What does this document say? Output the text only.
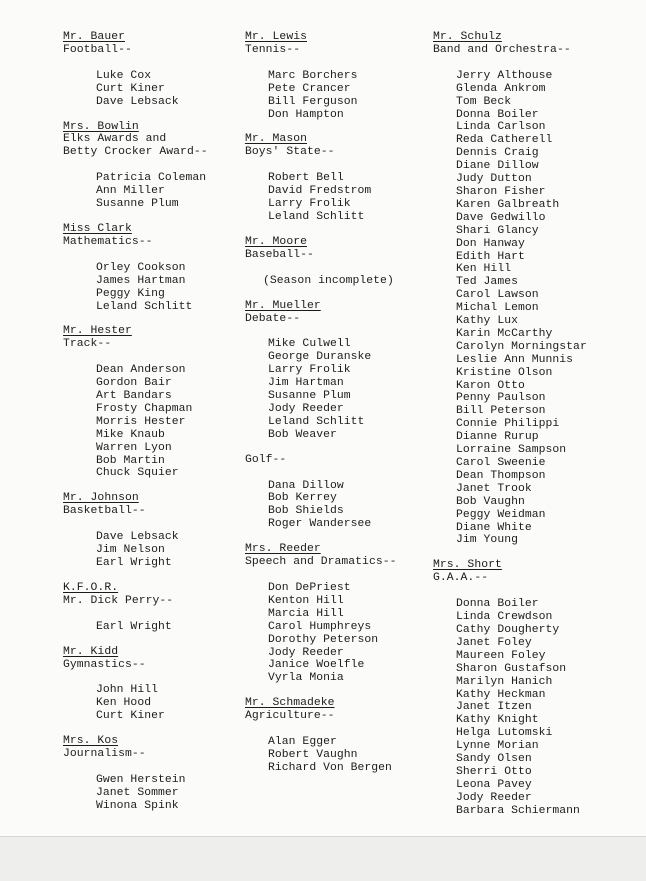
Mr. Bauer
Football--
Luke Cox
Curt Kiner
Dave Lebsack
Mrs. Bowlin
Elks Awards and
Betty Crocker Award--
Patricia Coleman
Ann Miller
Susanne Plum
Miss Clark
Mathematics--
Orley Cookson
James Hartman
Peggy King
Leland Schlitt
Mr. Hester
Track--
Dean Anderson
Gordon Bair
Art Bandars
Frosty Chapman
Morris Hester
Mike Knaub
Warren Lyon
Bob Martin
Chuck Squier
Mr. Johnson
Basketball--
Dave Lebsack
Jim Nelson
Earl Wright
K.F.O.R.
Mr. Dick Perry--
Earl Wright
Mr. Kidd
Gymnastics--
John Hill
Ken Hood
Curt Kiner
Mrs. Kos
Journalism--
Gwen Herstein
Janet Sommer
Winona Spink
Mr. Lewis
Tennis--
Marc Borchers
Pete Crancer
Bill Ferguson
Don Hampton
Mr. Mason
Boys' State--
Robert Bell
David Fredstrom
Larry Frolik
Leland Schlitt
Mr. Moore
Baseball--
(Season incomplete)
Mr. Mueller
Debate--
Mike Culwell
George Duranske
Larry Frolik
Jim Hartman
Susanne Plum
Jody Reeder
Leland Schlitt
Bob Weaver
Golf--
Dana Dillow
Bob Kerrey
Bob Shields
Roger Wandersee
Mrs. Reeder
Speech and Dramatics--
Don DePriest
Kenton Hill
Marcia Hill
Carol Humphreys
Dorothy Peterson
Jody Reeder
Janice Woelfle
Vyrla Monia
Mr. Schmadeke
Agriculture--
Alan Egger
Robert Vaughn
Richard Von Bergen
Mr. Schulz
Band and Orchestra--
Jerry Althouse
Glenda Ankrom
Tom Beck
Donna Boiler
Linda Carlson
Reda Catherell
Dennis Craig
Diane Dillow
Judy Dutton
Sharon Fisher
Karen Galbreath
Dave Gedwillo
Shari Glancy
Don Hanway
Edith Hart
Ken Hill
Ted James
Carol Lawson
Michal Lemon
Kathy Lux
Karin McCarthy
Carolyn Morningstar
Leslie Ann Munnis
Kristine Olson
Karon Otto
Penny Paulson
Bill Peterson
Connie Philippi
Dianne Rurup
Lorraine Sampson
Carol Sweenie
Dean Thompson
Janet Trook
Bob Vaughn
Peggy Weidman
Diane White
Jim Young
Mrs. Short
G.A.A.--
Donna Boiler
Linda Crewdson
Cathy Dougherty
Janet Foley
Maureen Foley
Sharon Gustafson
Marilyn Hanich
Kathy Heckman
Janet Itzen
Kathy Knight
Helga Lutomski
Lynne Morian
Sandy Olsen
Sherri Otto
Leona Pavey
Jody Reeder
Barbara Schiermann
